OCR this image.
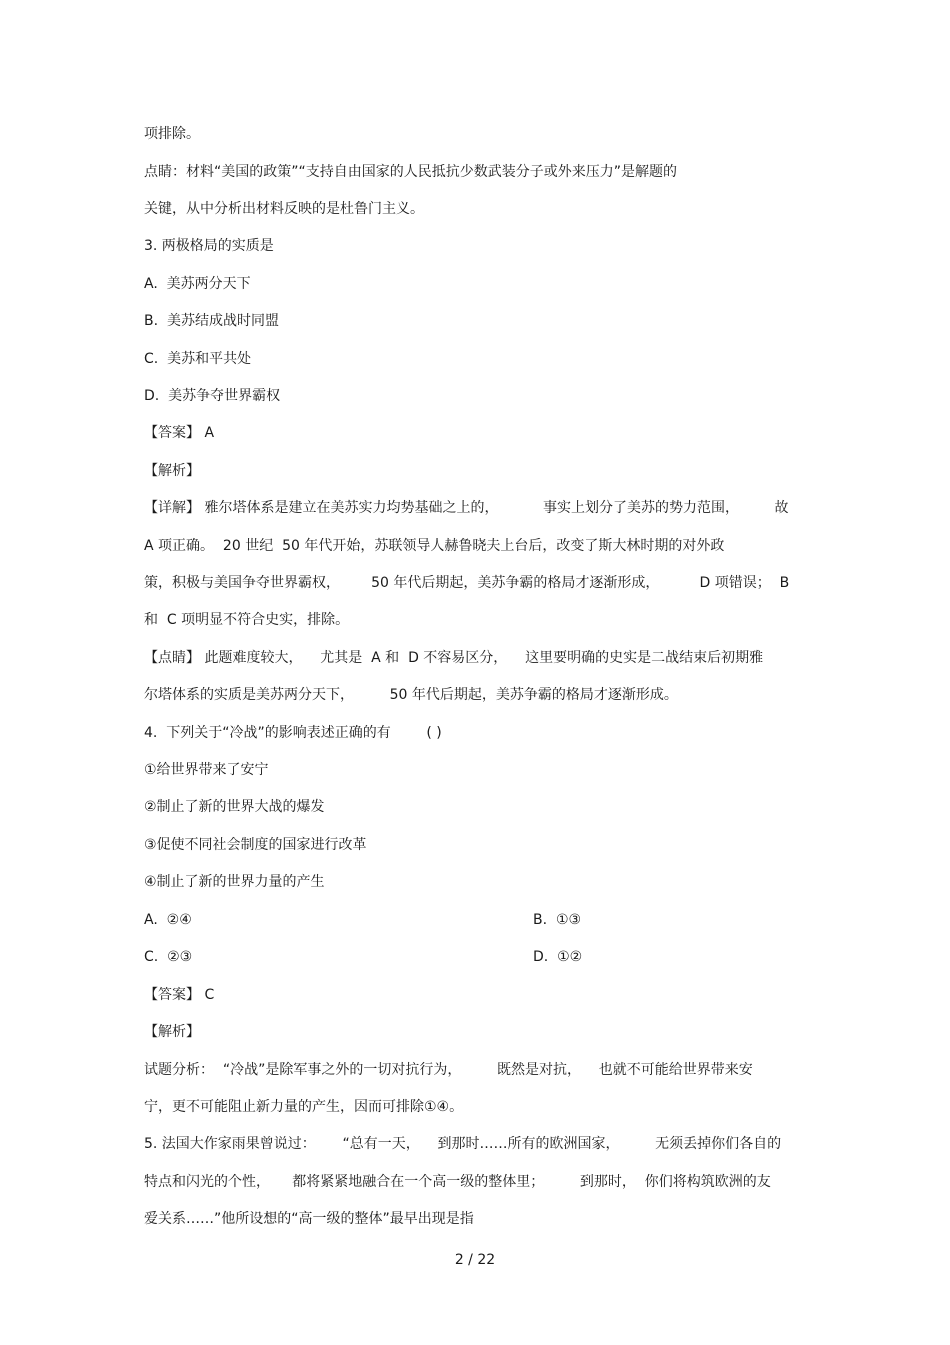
项排除。
点睛：材料“美国的政策”“支持自由国家的人民抵抗少数武装分子或外来压力”是解题的
关键，从中分析出材料反映的是杜鲁门主义。
3. 两极格局的实质是
A.  美苏两分天下
B.  美苏结成战时同盟
C.  美苏和平共处
D.  美苏争夺世界霸权
【答案】 A
【解析】
【详解】 雅尔塔体系是建立在美苏实力均势基础之上的，          事实上划分了美苏的势力范围，        故
A 项正确。  20 世纪  50 年代开始，苏联领导人赫鲁晓夫上台后，改变了斯大林时期的对外政
策，积极与美国争夺世界霸权，       50 年代后期起，美苏争霸的格局才逐渐形成，         D 项错误；  B
和  C 项明显不符合史实，排除。
【点睛】 此题难度较大，    尤其是  A 和  D 不容易区分，    这里要明确的史实是二战结束后初期雅
尔塔体系的实质是美苏两分天下，        50 年代后期起，美苏争霸的格局才逐渐形成。
4.  下列关于“冷战”的影响表述正确的有        ( )
①给世界带来了安宁
②制止了新的世界大战的爆发
③促使不同社会制度的国家进行改革
④制止了新的世界力量的产生
A.  ②④	B.  ①③
C.  ②③	D.  ①②
【答案】 C
【解析】
试题分析：  “冷战”是除军事之外的一切对抗行为，        既然是对抗，    也就不可能给世界带来安
宁，更不可能阻止新力量的产生，因而可排除①④。
5. 法国大作家雨果曾说过：      “总有一天，    到那时……所有的欧洲国家，        无须丢掉你们各自的
特点和闪光的个性，     都将紧紧地融合在一个高一级的整体里；        到那时，  你们将构筑欧洲的友
爱关系……”他所设想的“高一级的整体”最早出现是指
2 / 22
